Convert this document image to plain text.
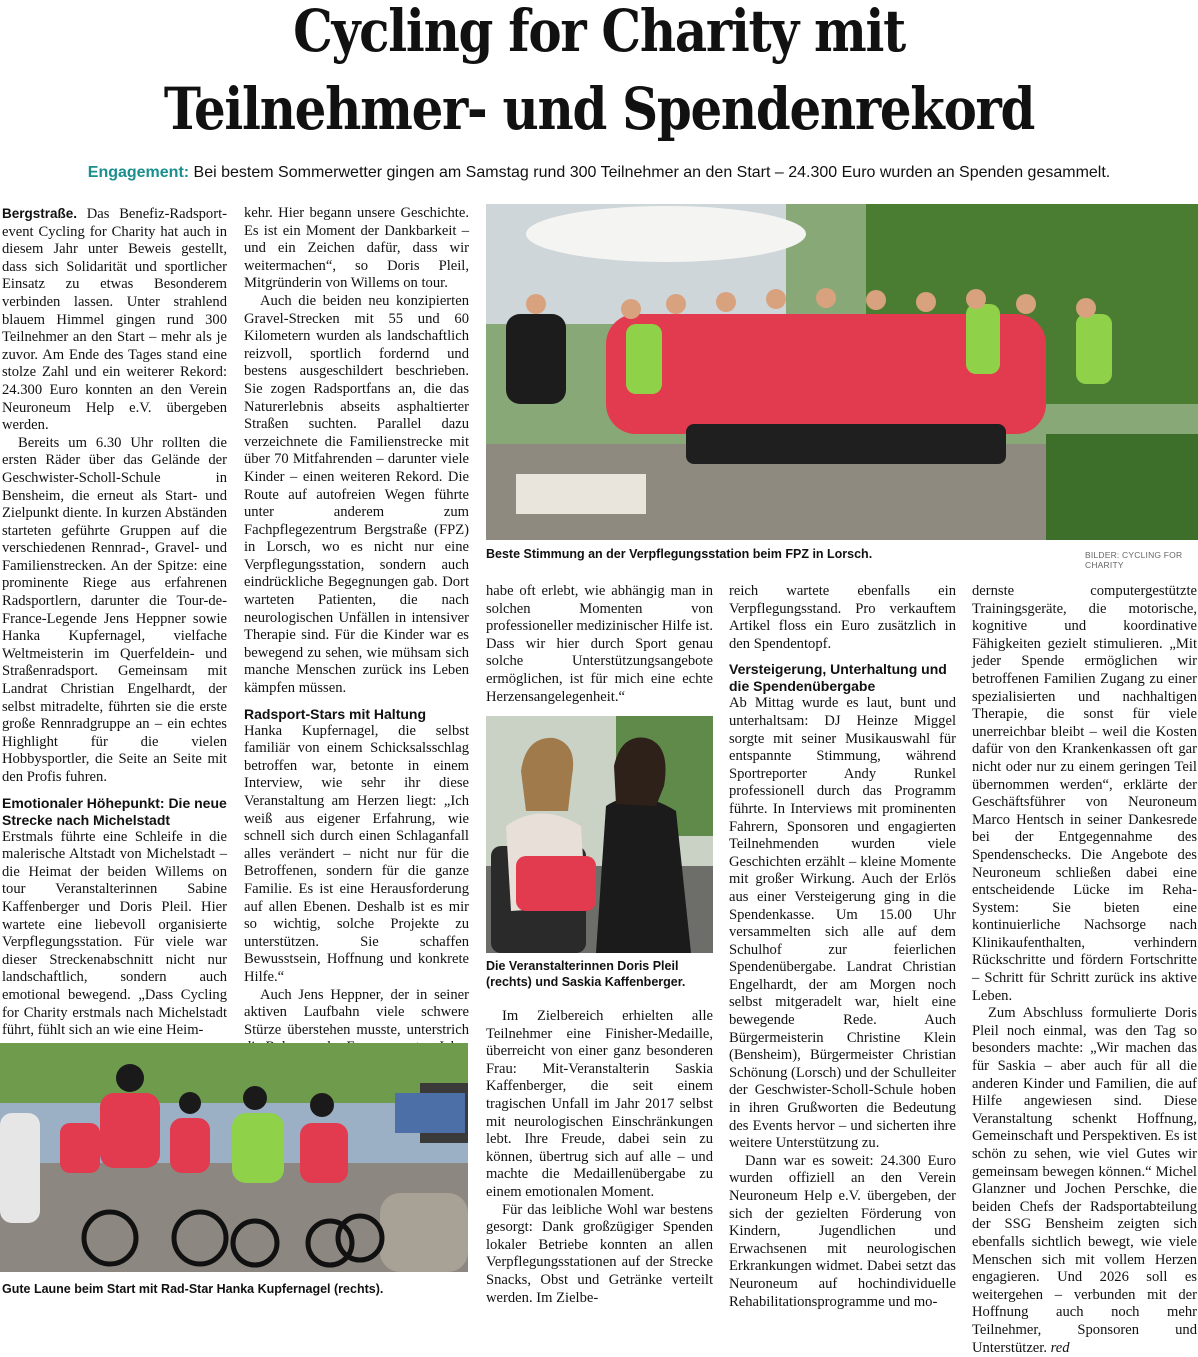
Cycling for Charity mit
Teilnehmer- und Spendenrekord
Engagement: Bei bestem Sommerwetter gingen am Samstag rund 300 Teilnehmer an den Start – 24.300 Euro wurden an Spenden gesammelt.

Bergstraße. Das Benefiz-Radsport-event Cycling for Charity hat auch in diesem Jahr unter Beweis gestellt, dass sich Solidarität und sportlicher Einsatz zu etwas Besonderem verbinden lassen. Unter strahlend blauem Himmel gingen rund 300 Teilnehmer an den Start – mehr als je zuvor. Am Ende des Tages stand eine stolze Zahl und ein weiterer Rekord: 24.300 Euro konnten an den Verein Neuroneum Help e.V. übergeben werden.

Bereits um 6.30 Uhr rollten die ersten Räder über das Gelände der Geschwister-Scholl-Schule in Bensheim, die erneut als Start- und Zielpunkt diente. In kurzen Abständen starteten geführte Gruppen auf die verschiedenen Rennrad-, Gravel- und Familienstrecken. An der Spitze: eine prominente Riege aus erfahrenen Radsportlern, darunter die Tour-de-France-Legende Jens Heppner sowie Hanka Kupfernagel, vielfache Weltmeisterin im Querfeldein- und Straßenradsport. Gemeinsam mit Landrat Christian Engelhardt, der selbst mitradelte, führten sie die erste große Rennradgruppe an – ein echtes Highlight für die vielen Hobbysportler, die Seite an Seite mit den Profis fuhren.

Emotionaler Höhepunkt: Die neue Strecke nach Michelstadt

Erstmals führte eine Schleife in die malerische Altstadt von Michelstadt – die Heimat der beiden Willems on tour Veranstalterinnen Sabine Kaffenberger und Doris Pleil. Hier wartete eine liebevoll organisierte Verpflegungsstation. Für viele war dieser Streckenabschnitt nicht nur landschaftlich, sondern auch emotional bewegend. „Dass Cycling for Charity erstmals nach Michelstadt führt, fühlt sich an wie eine Heim-

kehr. Hier begann unsere Geschichte. Es ist ein Moment der Dankbarkeit – und ein Zeichen dafür, dass wir weitermachen“, so Doris Pleil, Mitgründerin von Willems on tour.

Auch die beiden neu konzipierten Gravel-Strecken mit 55 und 60 Kilometern wurden als landschaftlich reizvoll, sportlich fordernd und bestens ausgeschildert beschrieben. Sie zogen Radsportfans an, die das Naturerlebnis abseits asphaltierter Straßen suchten. Parallel dazu verzeichnete die Familienstrecke mit über 70 Mitfahrenden – darunter viele Kinder – einen weiteren Rekord. Die Route auf autofreien Wegen führte unter anderem zum Fachpflegezentrum Bergstraße (FPZ) in Lorsch, wo es nicht nur eine Verpflegungsstation, sondern auch eindrückliche Begegnungen gab. Dort warteten Patienten, die nach neurologischen Unfällen in intensiver Therapie sind. Für die Kinder war es bewegend zu sehen, wie mühsam sich manche Menschen zurück ins Leben kämpfen müssen.

Radsport-Stars mit Haltung

Hanka Kupfernagel, die selbst familiär von einem Schicksalsschlag betroffen war, betonte in einem Interview, wie sehr ihr diese Veranstaltung am Herzen liegt: „Ich weiß aus eigener Erfahrung, wie schnell sich durch einen Schlaganfall alles verändert – nicht nur für die Betroffenen, sondern für die ganze Familie. Es ist eine Herausforderung auf allen Ebenen. Deshalb ist es mir so wichtig, solche Projekte zu unterstützen. Sie schaffen Bewusstsein, Hoffnung und konkrete Hilfe.“

Auch Jens Heppner, der in seiner aktiven Laufbahn viele schwere Stürze überstehen musste, unterstrich

habe oft erlebt, wie abhängig man in solchen Momenten von professioneller medizinischer Hilfe ist. Dass wir hier durch Sport genau solche Unterstützungsangebote ermöglichen, ist für mich eine echte Herzensangelegenheit.“

Im Zielbereich erhielten alle Teilnehmer eine Finisher-Medaille, überreicht von einer ganz besonderen Frau: Mit-Veranstalterin Saskia Kaffenberger, die seit einem tragischen Unfall im Jahr 2017 selbst mit neurologischen Einschränkungen lebt. Ihre Freude, dabei sein zu können, übertrug sich auf alle – und machte die Medaillenübergabe zu einem emotionalen Moment.

Für das leibliche Wohl war bestens gesorgt: Dank großzügiger Spenden lokaler Betriebe konnten an allen Verpflegungsstationen auf der Strecke Snacks, Obst und Getränke verteilt werden. Im Zielbe-

reich wartete ebenfalls ein Verpflegungsstand. Pro verkauftem Artikel floss ein Euro zusätzlich in den Spendentopf.

Versteigerung, Unterhaltung und die Spendenübergabe

Ab Mittag wurde es laut, bunt und unterhaltsam: DJ Heinze Miggel sorgte mit seiner Musikauswahl für entspannte Stimmung, während Sportreporter Andy Runkel professionell durch das Programm führte. In Interviews mit prominenten Fahrern, Sponsoren und engagierten Teilnehmenden wurden viele Geschichten erzählt – kleine Momente mit großer Wirkung. Auch der Erlös aus einer Versteigerung ging in die Spendenkasse. Um 15.00 Uhr versammelten sich alle auf dem Schulhof zur feierlichen Spendenübergabe. Landrat Christian Engelhardt, der am Morgen noch selbst mitgeradelt war, hielt eine bewegende Rede. Auch Bürgermeisterin Christine Klein (Bensheim), Bürgermeister Christian Schönung (Lorsch) und der Schulleiter der Geschwister-Scholl-Schule hoben in ihren Grußworten die Bedeutung des Events hervor – und sicherten ihre weitere Unterstützung zu.

Dann war es soweit: 24.300 Euro wurden offiziell an den Verein Neuroneum Help e.V. übergeben, der sich der gezielten Förderung von Kindern, Jugendlichen und Erwachsenen mit neurologischen Erkrankungen widmet. Dabei setzt das Neuroneum auf hochindividuelle Rehabilitationsprogramme und mo-

dernste computergestützte Trainingsgeräte, die motorische, kognitive und koordinative Fähigkeiten gezielt stimulieren. „Mit jeder Spende ermöglichen wir betroffenen Familien Zugang zu einer spezialisierten und nachhaltigen Therapie, die sonst für viele unerreichbar bleibt – weil die Kosten dafür von den Krankenkassen oft gar nicht oder nur zu einem geringen Teil übernommen werden“, erklärte der Geschäftsführer von Neuroneum Marco Hentsch in seiner Dankesrede bei der Entgegennahme des Spendenschecks. Die Angebote des Neuroneum schließen dabei eine entscheidende Lücke im Reha-System: Sie bieten eine kontinuierliche Nachsorge nach Klinikaufenthalten, verhindern Rückschritte und fördern Fortschritte – Schritt für Schritt zurück ins aktive Leben.

Zum Abschluss formulierte Doris Pleil noch einmal, was den Tag so besonders machte: „Wir machen das für Saskia – aber auch für all die anderen Kinder und Familien, die auf Hilfe angewiesen sind. Diese Veranstaltung schenkt Hoffnung, Gemeinschaft und Perspektiven. Es ist schön zu sehen, wie viel Gutes wir gemeinsam bewegen können.“ Michel Glanzner und Jochen Perschke, die beiden Chefs der Radsportabteilung der SSG Bensheim zeigten sich ebenfalls sichtlich bewegt, wie viele Menschen sich mit vollem Herzen engagieren. Und 2026 soll es weitergehen – verbunden mit der Hoffnung auch noch mehr Teilnehmer, Sponsoren und Unterstützer. red

Beste Stimmung an der Verpflegungsstation beim FPZ in Lorsch.	BILDER: CYCLING FOR CHARITY
Die Veranstalterinnen Doris Pleil (rechts) und Saskia Kaffenberger.
Gute Laune beim Start mit Rad-Star Hanka Kupfernagel (rechts).
